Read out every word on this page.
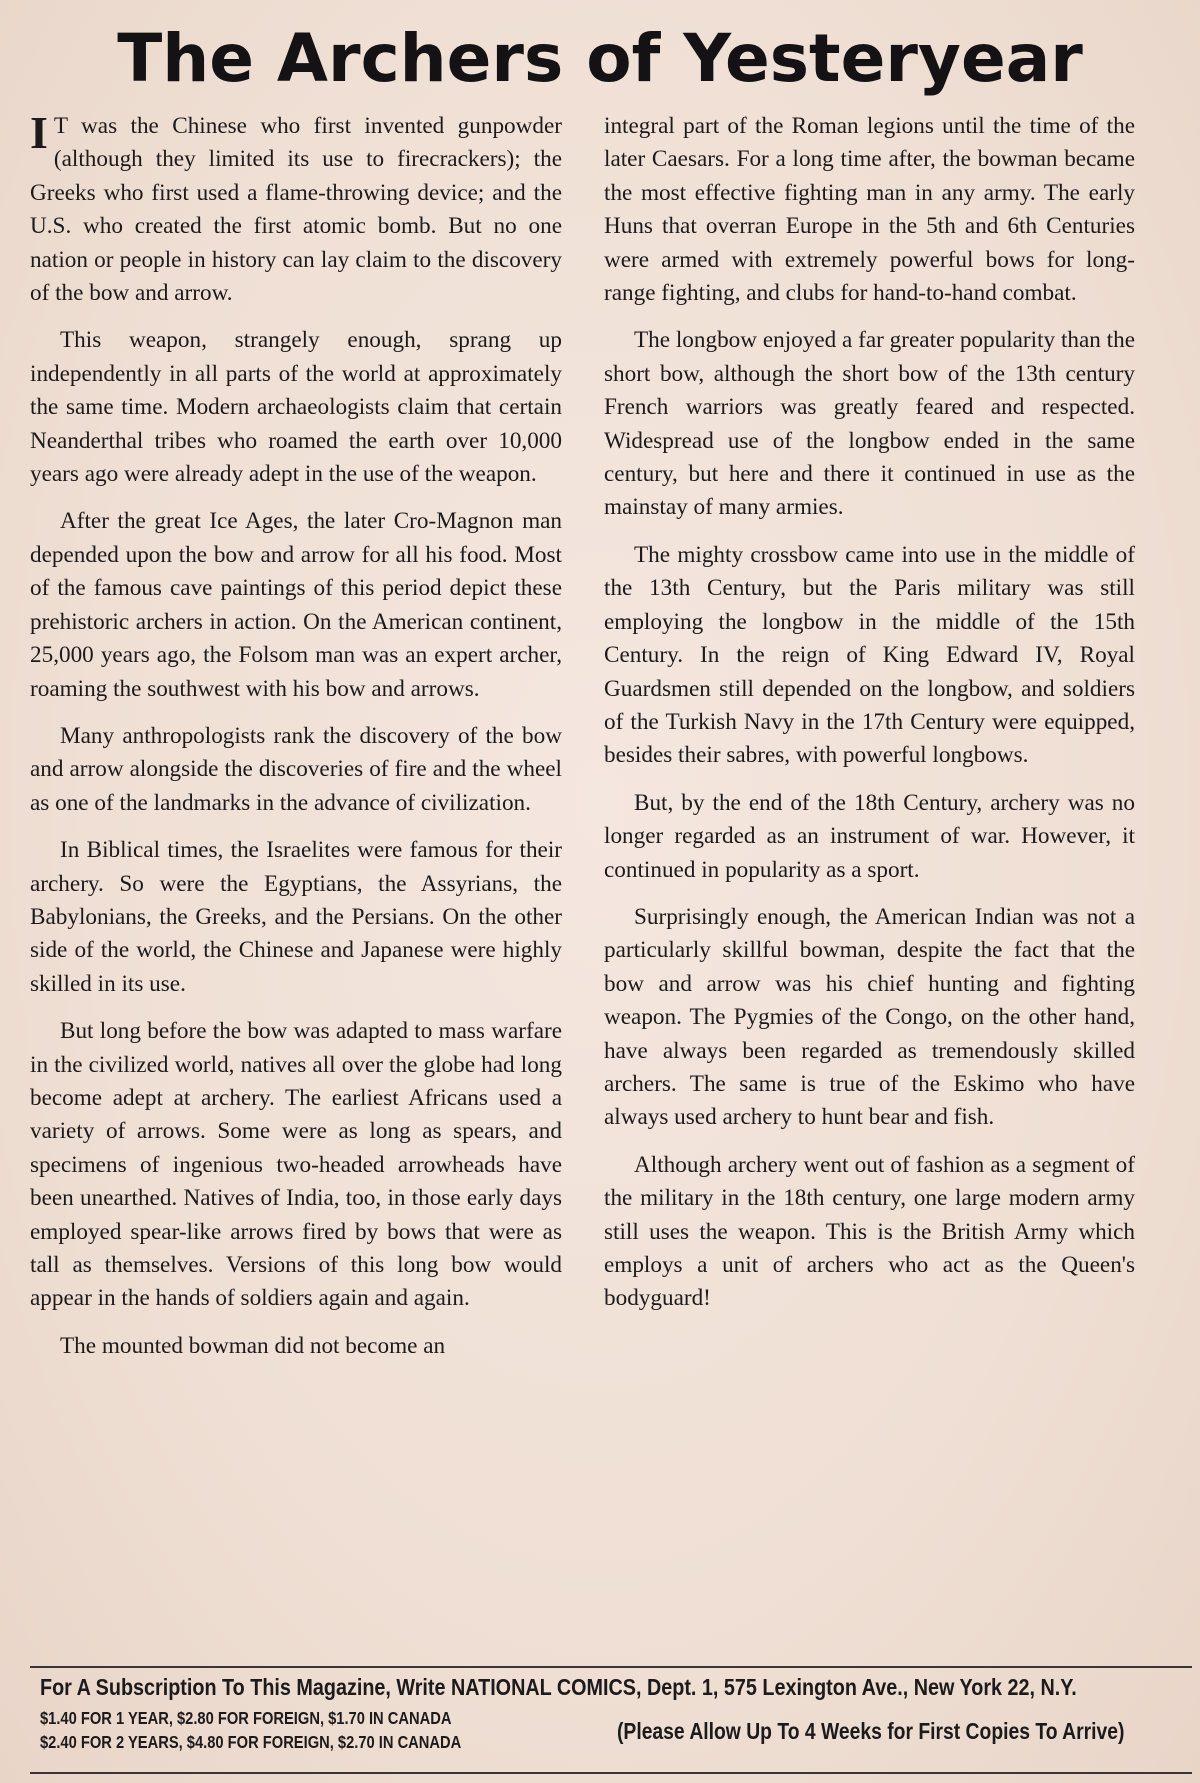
The Archers of Yesteryear

I T was the Chinese who first invented gunpowder (although they limited its use to firecrackers); the Greeks who first used a flame-throwing device; and the U.S. who created the first atomic bomb. But no one nation or people in history can lay claim to the discovery of the bow and arrow.

This weapon, strangely enough, sprang up independently in all parts of the world at approximately the same time. Modern archaeologists claim that certain Neanderthal tribes who roamed the earth over 10,000 years ago were already adept in the use of the weapon.

After the great Ice Ages, the later Cro-Magnon man depended upon the bow and arrow for all his food. Most of the famous cave paintings of this period depict these prehistoric archers in action. On the American continent, 25,000 years ago, the Folsom man was an expert archer, roaming the southwest with his bow and arrows.

Many anthropologists rank the discovery of the bow and arrow alongside the discoveries of fire and the wheel as one of the landmarks in the advance of civilization.

In Biblical times, the Israelites were famous for their archery. So were the Egyptians, the Assyrians, the Babylonians, the Greeks, and the Persians. On the other side of the world, the Chinese and Japanese were highly skilled in its use.

But long before the bow was adapted to mass warfare in the civilized world, natives all over the globe had long become adept at archery. The earliest Africans used a variety of arrows. Some were as long as spears, and specimens of ingenious two-headed arrowheads have been unearthed. Natives of India, too, in those early days employed spear-like arrows fired by bows that were as tall as themselves. Versions of this long bow would appear in the hands of soldiers again and again.

The mounted bowman did not become an

integral part of the Roman legions until the time of the later Caesars. For a long time after, the bowman became the most effective fighting man in any army. The early Huns that overran Europe in the 5th and 6th Centuries were armed with extremely powerful bows for long-range fighting, and clubs for hand-to-hand combat.

The longbow enjoyed a far greater popularity than the short bow, although the short bow of the 13th century French warriors was greatly feared and respected. Widespread use of the longbow ended in the same century, but here and there it continued in use as the mainstay of many armies.

The mighty crossbow came into use in the middle of the 13th Century, but the Paris military was still employing the longbow in the middle of the 15th Century. In the reign of King Edward IV, Royal Guardsmen still depended on the longbow, and soldiers of the Turkish Navy in the 17th Century were equipped, besides their sabres, with powerful longbows.

But, by the end of the 18th Century, archery was no longer regarded as an instrument of war. However, it continued in popularity as a sport.

Surprisingly enough, the American Indian was not a particularly skillful bowman, despite the fact that the bow and arrow was his chief hunting and fighting weapon. The Pygmies of the Congo, on the other hand, have always been regarded as tremendously skilled archers. The same is true of the Eskimo who have always used archery to hunt bear and fish.

Although archery went out of fashion as a segment of the military in the 18th century, one large modern army still uses the weapon. This is the British Army which employs a unit of archers who act as the Queen's bodyguard!

For A Subscription To This Magazine, Write NATIONAL COMICS, Dept. 1, 575 Lexington Ave., New York 22, N.Y.
$1.40 FOR 1 YEAR, $2.80 FOR FOREIGN, $1.70 IN CANADA
$2.40 FOR 2 YEARS, $4.80 FOR FOREIGN, $2.70 IN CANADA	(Please Allow Up To 4 Weeks for First Copies To Arrive)
